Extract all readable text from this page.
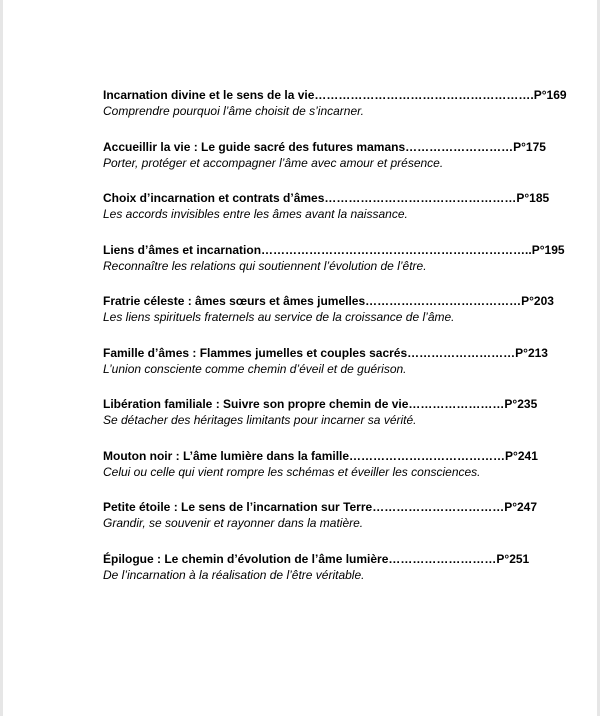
Incarnation divine et le sens de la vie……………………………………………….P°169
Comprendre pourquoi l’âme choisit de s’incarner.
Accueillir la vie : Le guide sacré des futures mamans………………………P°175
Porter, protéger et accompagner l’âme avec amour et présence.
Choix d’incarnation et contrats d’âmes…………………………………………P°185
Les accords invisibles entre les âmes avant la naissance.
Liens d’âmes et incarnation…………………………………………………………..P°195
Reconnaître les relations qui soutiennent l’évolution de l’être.
Fratrie céleste : âmes sœurs et âmes jumelles…………………………………P°203
Les liens spirituels fraternels au service de la croissance de l’âme.
Famille d’âmes : Flammes jumelles et couples sacrés………………………P°213
L’union consciente comme chemin d’éveil et de guérison.
Libération familiale : Suivre son propre chemin de vie……………………P°235
Se détacher des héritages limitants pour incarner sa vérité.
Mouton noir : L’âme lumière dans la famille…………………………………P°241
Celui ou celle qui vient rompre les schémas et éveiller les consciences.
Petite étoile : Le sens de l’incarnation sur Terre……………………………P°247
Grandir, se souvenir et rayonner dans la matière.
Épilogue : Le chemin d’évolution de l’âme lumière………………………P°251
De l’incarnation à la réalisation de l’être véritable.
